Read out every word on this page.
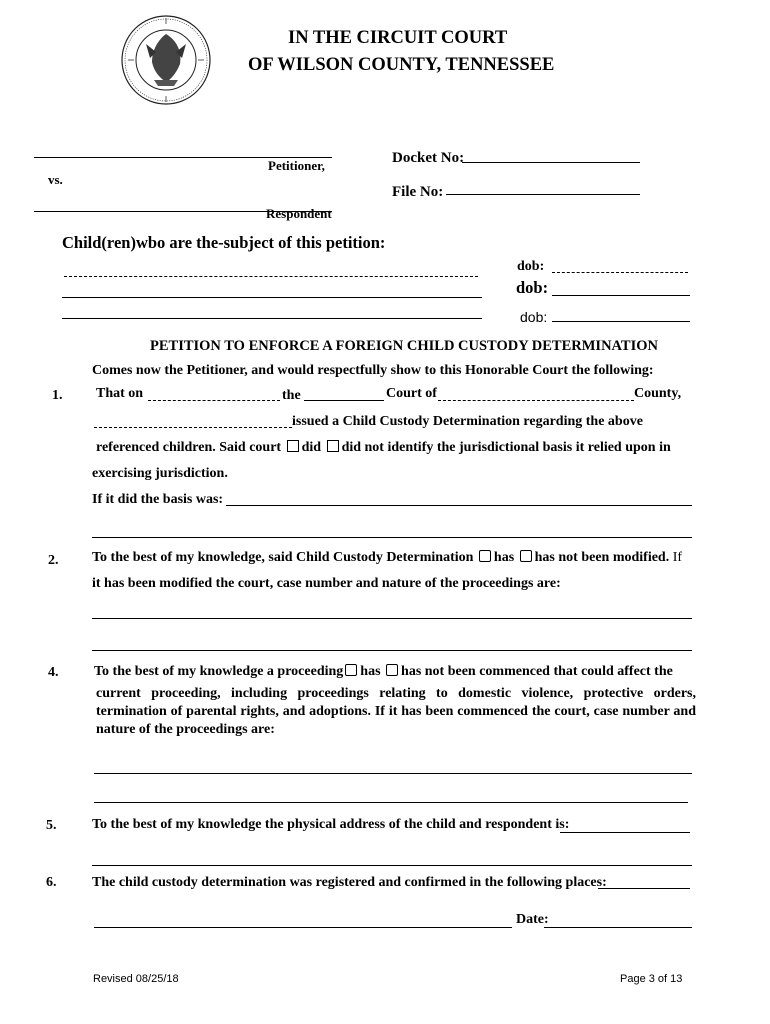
IN THE CIRCUIT COURT
OF WILSON COUNTY, TENNESSEE
Petitioner,
vs.
Respondent
Docket No:
File No:
Child(ren)wbo are the-subject of this petition:
dob:
dob:
dob:
PETITION TO ENFORCE A FOREIGN CHILD CUSTODY DETERMINATION
Comes now the Petitioner, and would respectfully show to this Honorable Court the following:
1. That on	the	Court of	County,
issued a Child Custody Determination regarding the above
referenced children. Said court did did not identify the jurisdictional basis it relied upon in
exercising jurisdiction.
If it did the basis was:
2. To the best of my knowledge, said Child Custody Determination has has not been modified. If
it has been modified the court, case number and nature of the proceedings are:
4.	To the best of my knowledge a proceeding has has not been commenced that could affect the
current proceeding, including proceedings relating to domestic violence, protective orders, termination of parental rights, and adoptions. If it has been commenced the court, case number and nature of the proceedings are:
5.	To the best of my knowledge the physical address of the child and respondent is:
6.	The child custody determination was registered and confirmed in the following places:
Date:
Revised 08/25/18	Page 3 of 13
